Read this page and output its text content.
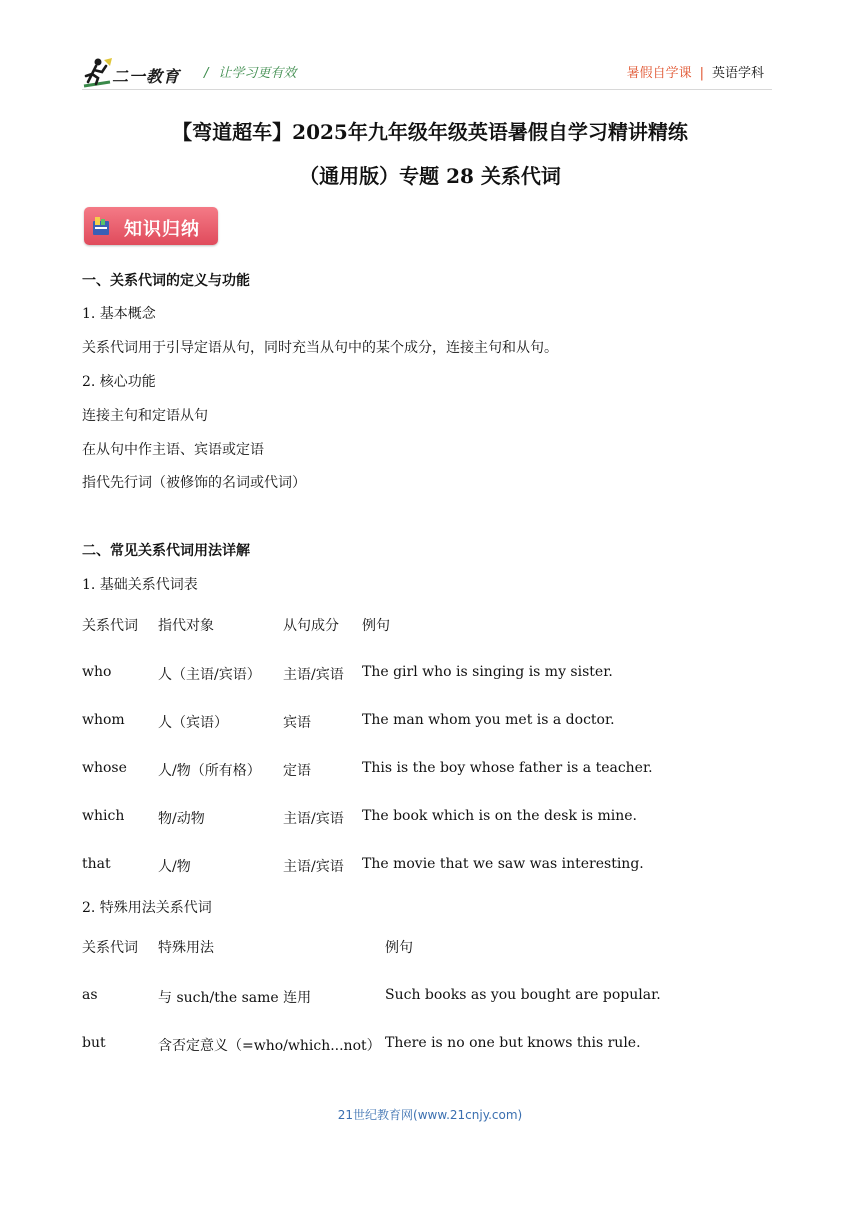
二一教育 / 让学习更有效	暑假自学课 | 英语学科
【弯道超车】2025年九年级年级英语暑假自学习精讲精练
（通用版）专题 28 关系代词
知识归纳
一、关系代词的定义与功能
1. 基本概念
关系代词用于引导定语从句，同时充当从句中的某个成分，连接主句和从句。
2. 核心功能
连接主句和定语从句
在从句中作主语、宾语或定语
指代先行词（被修饰的名词或代词）
二、常见关系代词用法详解
1. 基础关系代词表
关系代词 指代对象	从句成分 例句
who	人（主语/宾语） 主语/宾语 The girl who is singing is my sister.
whom 人（宾语）	宾语	The man whom you met is a doctor.
whose 人/物（所有格） 定语	This is the boy whose father is a teacher.
which 物/动物	主语/宾语 The book which is on the desk is mine.
that	人/物	主语/宾语 The movie that we saw was interesting.
2. 特殊用法关系代词
关系代词 特殊用法	例句
as	与 such/the same 连用	Such books as you bought are popular.
but	含否定意义（=who/which...not） There is no one but knows this rule.
21世纪教育网(www.21cnjy.com)
